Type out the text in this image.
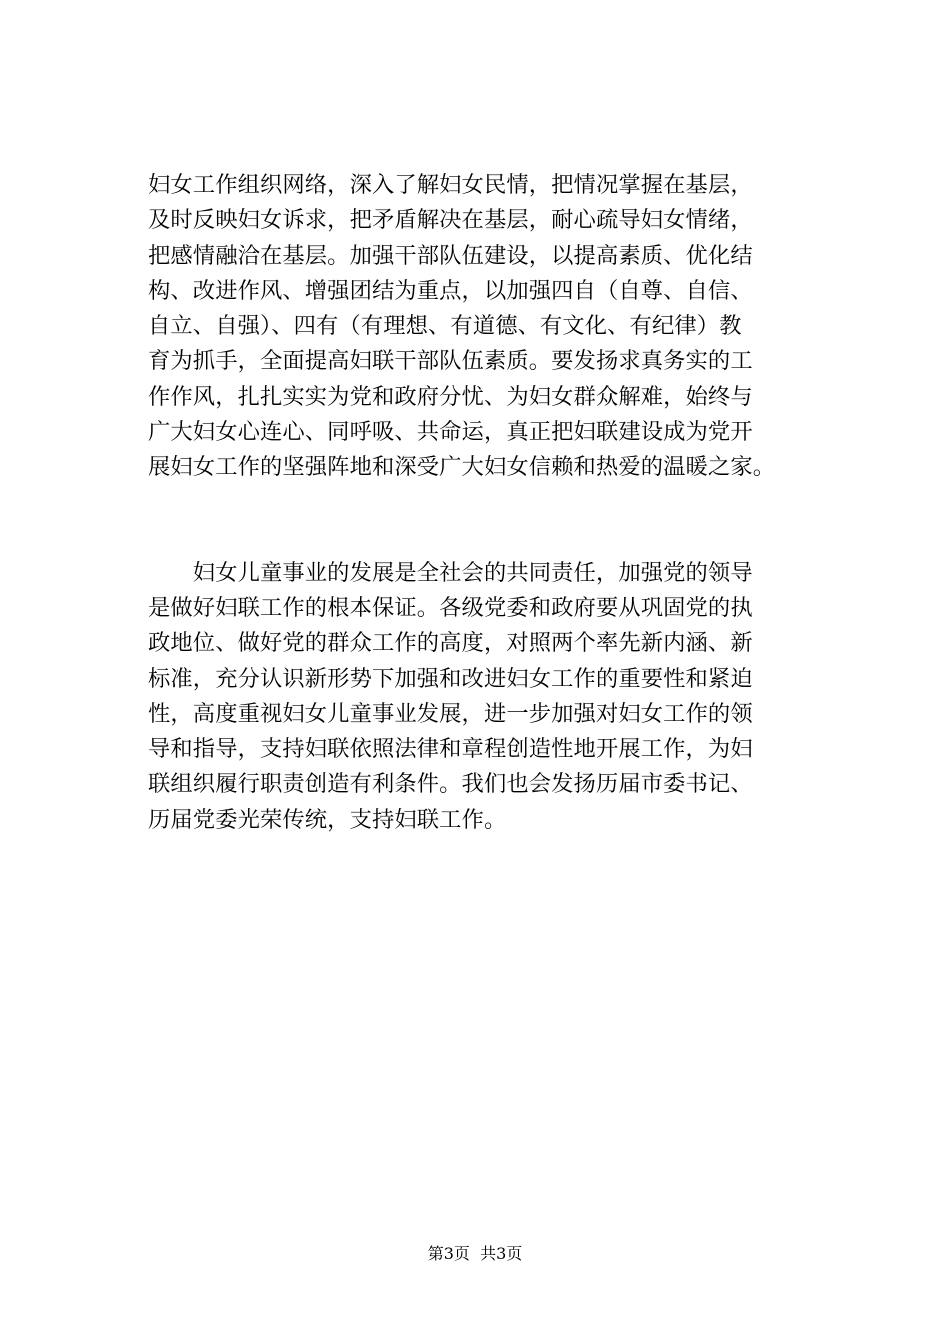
妇女工作组织网络，深入了解妇女民情，把情况掌握在基层，
及时反映妇女诉求，把矛盾解决在基层，耐心疏导妇女情绪，
把感情融洽在基层。加强干部队伍建设，以提高素质、优化结
构、改进作风、增强团结为重点，以加强四自（自尊、自信、
自立、自强）、四有（有理想、有道德、有文化、有纪律）教
育为抓手，全面提高妇联干部队伍素质。要发扬求真务实的工
作作风，扎扎实实为党和政府分忧、为妇女群众解难，始终与
广大妇女心连心、同呼吸、共命运，真正把妇联建设成为党开
展妇女工作的坚强阵地和深受广大妇女信赖和热爱的温暖之家。
　　妇女儿童事业的发展是全社会的共同责任，加强党的领导
是做好妇联工作的根本保证。各级党委和政府要从巩固党的执
政地位、做好党的群众工作的高度，对照两个率先新内涵、新
标准，充分认识新形势下加强和改进妇女工作的重要性和紧迫
性，高度重视妇女儿童事业发展，进一步加强对妇女工作的领
导和指导，支持妇联依照法律和章程创造性地开展工作，为妇
联组织履行职责创造有利条件。我们也会发扬历届市委书记、
历届党委光荣传统，支持妇联工作。
第3页  共3页
